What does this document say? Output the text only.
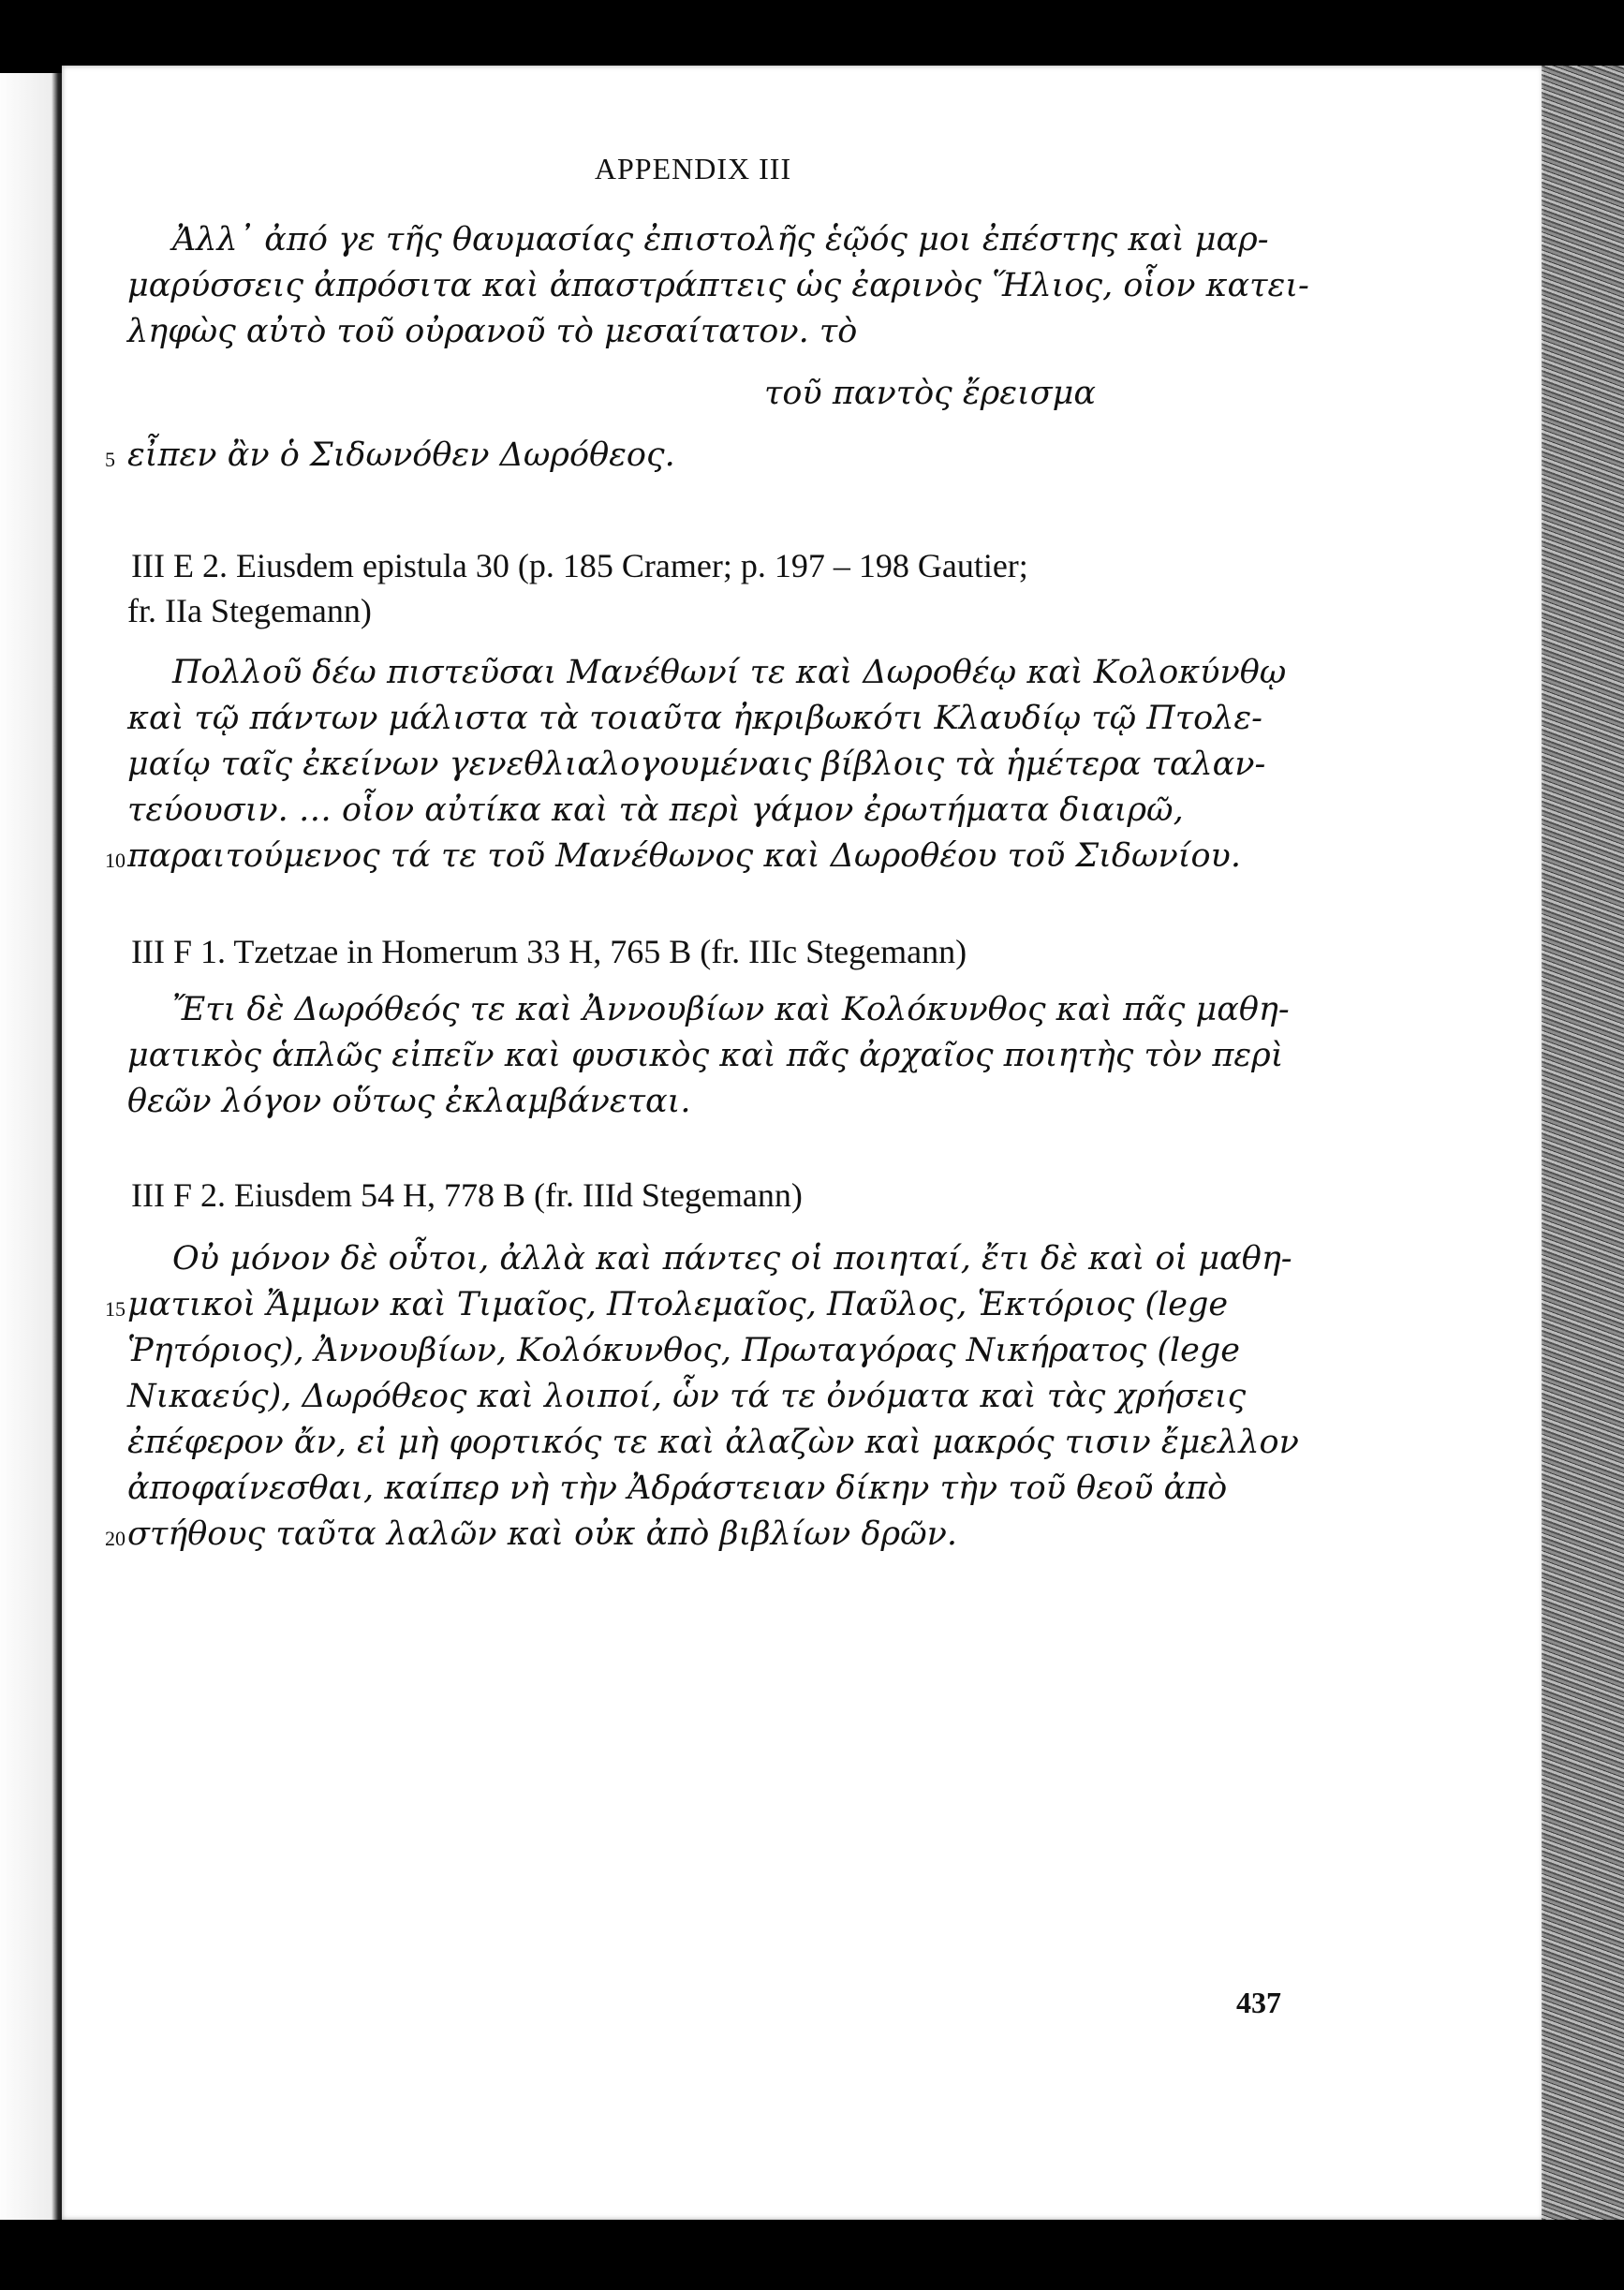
APPENDIX III
Ἀλλ᾽ ἀπό γε τῆς θαυμασίας ἐπιστολῆς ἑῷός μοι ἐπέστης καὶ μαρ-
μαρύσσεις ἀπρόσιτα καὶ ἀπαστράπτεις ὡς ἐαρινὸς Ἥλιος, οἷον κατει-
ληφὼς αὐτὸ τοῦ οὐρανοῦ τὸ μεσαίτατον. τὸ
τοῦ παντὸς ἔρεισμα
5 εἶπεν ἂν ὁ Σιδωνόθεν Δωρόθεος.
III E 2. Eiusdem epistula 30 (p. 185 Cramer; p. 197 – 198 Gautier;
fr. IIa Stegemann)
Πολλοῦ δέω πιστεῦσαι Μανέθωνί τε καὶ Δωροθέῳ καὶ Κολοκύνθῳ
καὶ τῷ πάντων μάλιστα τὰ τοιαῦτα ἠκριβωκότι Κλαυδίῳ τῷ Πτολε-
μαίῳ ταῖς ἐκείνων γενεθλιαλογουμέναις βίβλοις τὰ ἡμέτερα ταλαν-
τεύουσιν. … οἷον αὐτίκα καὶ τὰ περὶ γάμον ἐρωτήματα διαιρῶ,
10 παραιτούμενος τά τε τοῦ Μανέθωνος καὶ Δωροθέου τοῦ Σιδωνίου.
III F 1. Tzetzae in Homerum 33 H, 765 B (fr. IIIc Stegemann)
Ἔτι δὲ Δωρόθεός τε καὶ Ἀννουβίων καὶ Κολόκυνθος καὶ πᾶς μαθη-
ματικὸς ἁπλῶς εἰπεῖν καὶ φυσικὸς καὶ πᾶς ἀρχαῖος ποιητὴς τὸν περὶ
θεῶν λόγον οὕτως ἐκλαμβάνεται.
III F 2. Eiusdem 54 H, 778 B (fr. IIId Stegemann)
Οὐ μόνον δὲ οὗτοι, ἀλλὰ καὶ πάντες οἱ ποιηταί, ἔτι δὲ καὶ οἱ μαθη-
15 ματικοὶ Ἄμμων καὶ Τιμαῖος, Πτολεμαῖος, Παῦλος, Ἑκτόριος (lege
Ῥητόριος), Ἀννουβίων, Κολόκυνθος, Πρωταγόρας Νικήρατος (lege
Νικαεύς), Δωρόθεος καὶ λοιποί, ὧν τά τε ὀνόματα καὶ τὰς χρήσεις
ἐπέφερον ἄν, εἰ μὴ φορτικός τε καὶ ἀλαζὼν καὶ μακρός τισιν ἔμελλον
ἀποφαίνεσθαι, καίπερ νὴ τὴν Ἀδράστειαν δίκην τὴν τοῦ θεοῦ ἀπὸ
20 στήθους ταῦτα λαλῶν καὶ οὐκ ἀπὸ βιβλίων δρῶν.
437
